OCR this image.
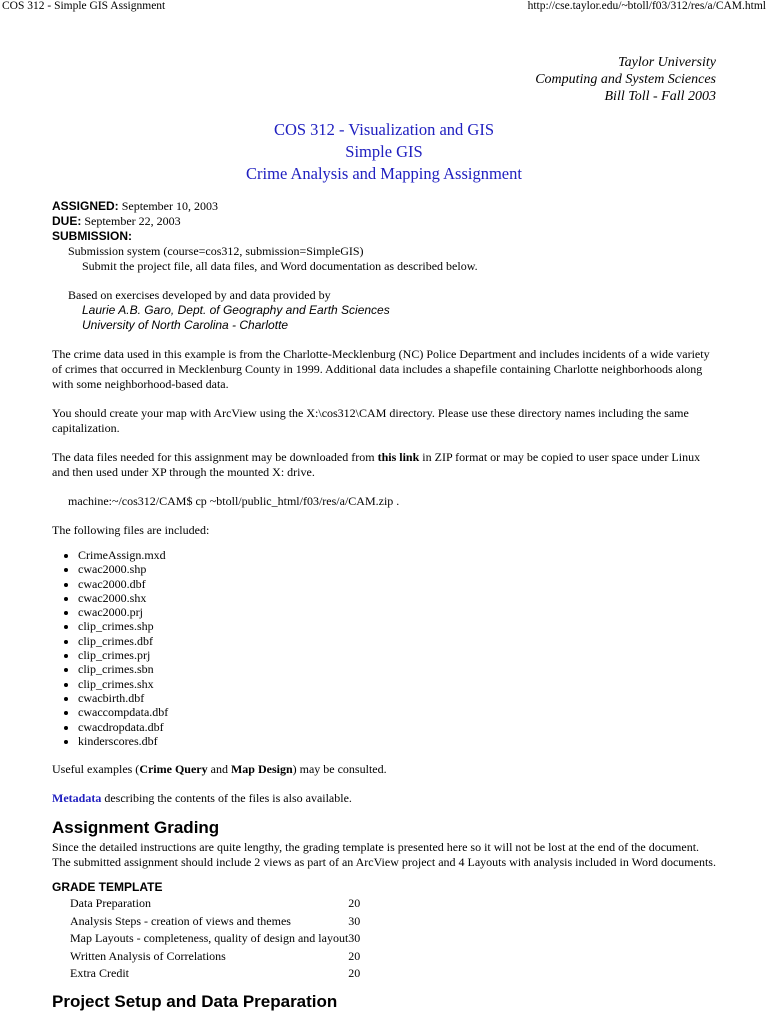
COS 312 - Simple GIS Assignment	http://cse.taylor.edu/~btoll/f03/312/res/a/CAM.html
Taylor University
Computing and System Sciences
Bill Toll - Fall 2003
COS 312 - Visualization and GIS
Simple GIS
Crime Analysis and Mapping Assignment
ASSIGNED: September 10, 2003
DUE: September 22, 2003
SUBMISSION:
Submission system (course=cos312, submission=SimpleGIS)
Submit the project file, all data files, and Word documentation as described below.
Based on exercises developed by and data provided by
Laurie A.B. Garo, Dept. of Geography and Earth Sciences
University of North Carolina - Charlotte

The crime data used in this example is from the Charlotte-Mecklenburg (NC) Police Department and includes incidents of a wide variety of crimes that occurred in Mecklenburg County in 1999. Additional data includes a shapefile containing Charlotte neighborhoods along with some neighborhood-based data.

You should create your map with ArcView using the X:\cos312\CAM directory. Please use these directory names including the same capitalization.

The data files needed for this assignment may be downloaded from this link in ZIP format or may be copied to user space under Linux and then used under XP through the mounted X: drive.

machine:~/cos312/CAM$ cp ~btoll/public_html/f03/res/a/CAM.zip .

The following files are included:

• CrimeAssign.mxd
• cwac2000.shp
• cwac2000.dbf
• cwac2000.shx
• cwac2000.prj
• clip_crimes.shp
• clip_crimes.dbf
• clip_crimes.prj
• clip_crimes.sbn
• clip_crimes.shx
• cwacbirth.dbf
• cwaccompdata.dbf
• cwacdropdata.dbf
• kinderscores.dbf

Useful examples (Crime Query and Map Design) may be consulted.

Metadata describing the contents of the files is also available.

Assignment Grading

Since the detailed instructions are quite lengthy, the grading template is presented here so it will not be lost at the end of the document. The submitted assignment should include 2 views as part of an ArcView project and 4 Layouts with analysis included in Word documents.

GRADE TEMPLATE
Data Preparation	20
Analysis Steps - creation of views and themes	30
Map Layouts - completeness, quality of design and layout	30
Written Analysis of Correlations	20
Extra Credit	20
Project Setup and Data Preparation
